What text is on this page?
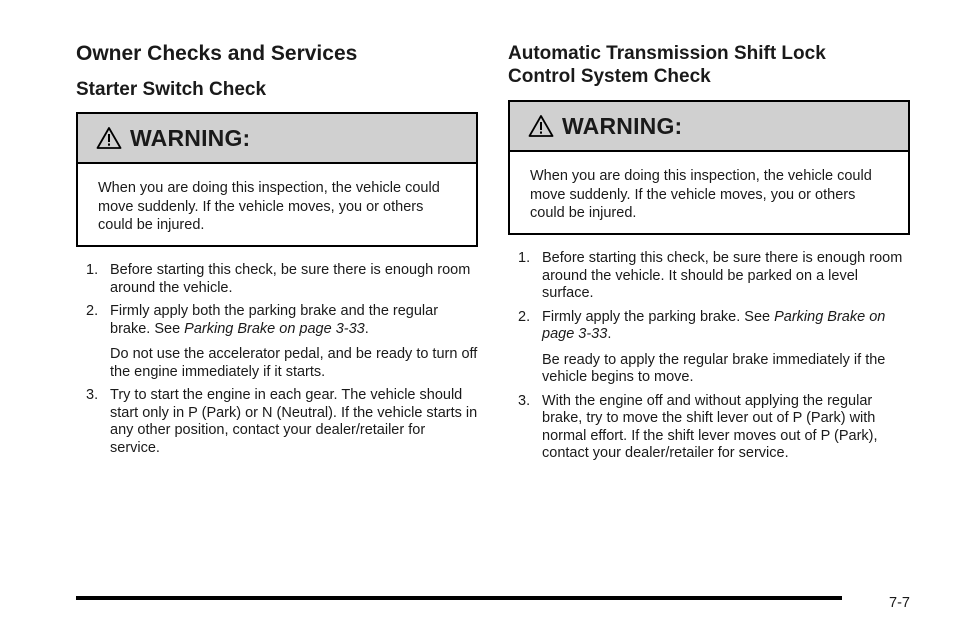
Owner Checks and Services
Starter Switch Check
WARNING:
When you are doing this inspection, the vehicle could move suddenly. If the vehicle moves, you or others could be injured.
1. Before starting this check, be sure there is enough room around the vehicle.

2. Firmly apply both the parking brake and the regular brake. See Parking Brake on page 3-33.

Do not use the accelerator pedal, and be ready to turn off the engine immediately if it starts.

3. Try to start the engine in each gear. The vehicle should start only in P (Park) or N (Neutral). If the vehicle starts in any other position, contact your dealer/retailer for service.

Automatic Transmission Shift Lock
Control System Check
WARNING:
When you are doing this inspection, the vehicle could move suddenly. If the vehicle moves, you or others could be injured.
1. Before starting this check, be sure there is enough room around the vehicle. It should be parked on a level surface.

2. Firmly apply the parking brake. See Parking Brake on page 3-33.

Be ready to apply the regular brake immediately if the vehicle begins to move.

3. With the engine off and without applying the regular brake, try to move the shift lever out of P (Park) with normal effort. If the shift lever moves out of P (Park), contact your dealer/retailer for service.

7-7
